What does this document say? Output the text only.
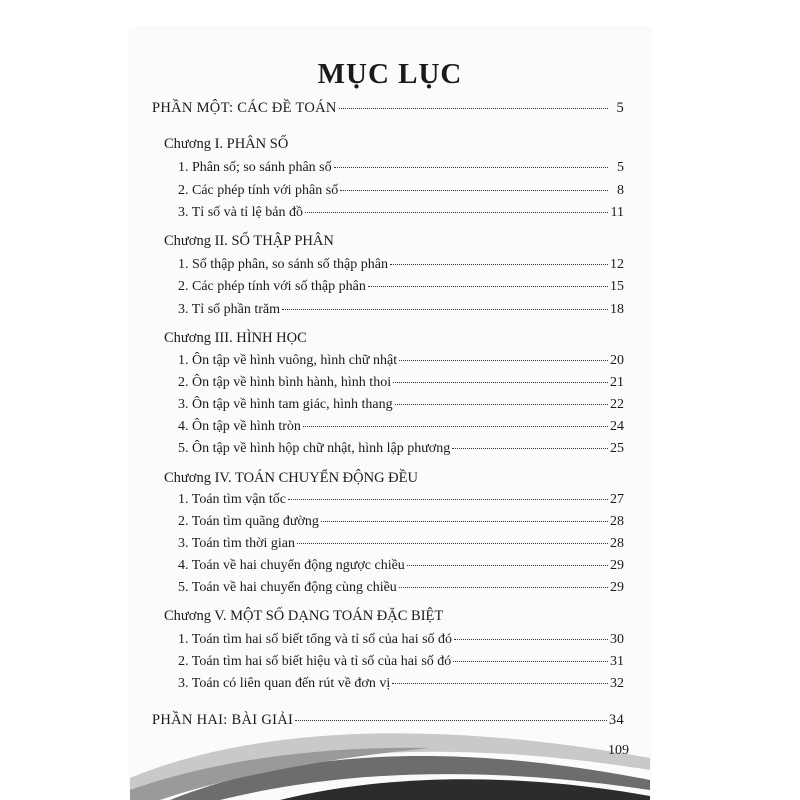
MỤC LỤC
PHẦN MỘT: CÁC ĐỀ TOÁN	5
Chương I. PHÂN SỐ
1. Phân số; so sánh phân số	5
2. Các phép tính với phân số	8
3. Tỉ số và tỉ lệ bản đồ	11
Chương II. SỐ THẬP PHÂN
1. Số thập phân, so sánh số thập phân	12
2. Các phép tính với số thập phân	15
3. Tỉ số phần trăm	18
Chương III. HÌNH HỌC
1. Ôn tập về hình vuông, hình chữ nhật	20
2. Ôn tập về hình bình hành, hình thoi	21
3. Ôn tập về hình tam giác, hình thang	22
4. Ôn tập về hình tròn	24
5. Ôn tập về hình hộp chữ nhật, hình lập phương	25
Chương IV. TOÁN CHUYỂN ĐỘNG ĐỀU
1. Toán tìm vận tốc	27
2. Toán tìm quãng đường	28
3. Toán tìm thời gian	28
4. Toán về hai chuyển động ngược chiều	29
5. Toán về hai chuyển động cùng chiều	29
Chương V. MỘT SỐ DẠNG TOÁN ĐẶC BIỆT
1. Toán tìm hai số biết tổng và tỉ số của hai số đó	30
2. Toán tìm hai số biết hiệu và tỉ số của hai số đó	31
3. Toán có liên quan đến rút về đơn vị	32
PHẦN HAI: BÀI GIẢI	34
109
